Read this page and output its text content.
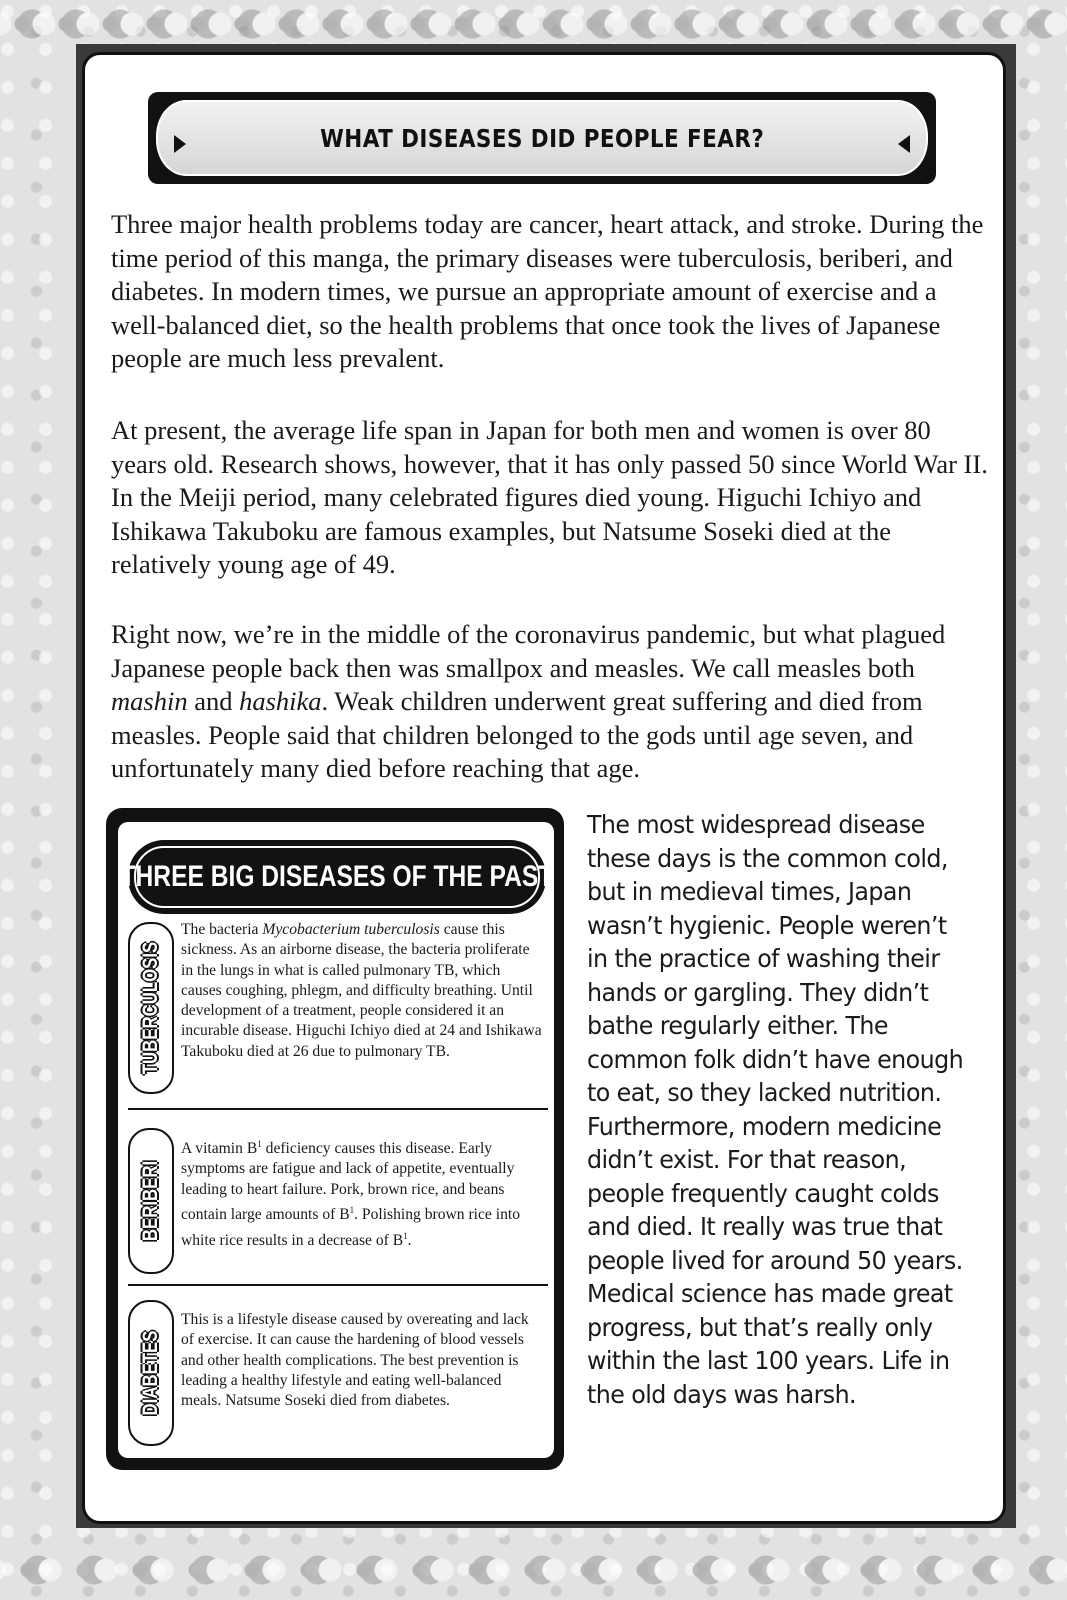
WHAT DISEASES DID PEOPLE FEAR?

Three major health problems today are cancer, heart attack, and stroke. During the time period of this manga, the primary diseases were tuberculosis, beriberi, and diabetes. In modern times, we pursue an appropriate amount of exercise and a well-balanced diet, so the health problems that once took the lives of Japanese people are much less prevalent.

At present, the average life span in Japan for both men and women is over 80 years old. Research shows, however, that it has only passed 50 since World War II. In the Meiji period, many celebrated figures died young. Higuchi Ichiyo and Ishikawa Takuboku are famous examples, but Natsume Soseki died at the relatively young age of 49.

Right now, we’re in the middle of the coronavirus pandemic, but what plagued Japanese people back then was smallpox and measles. We call measles both mashin and hashika. Weak children underwent great suffering and died from measles. People said that children belonged to the gods until age seven, and unfortunately many died before reaching that age.

THREE BIG DISEASES OF THE PAST
TUBERCULOSIS

The bacteria Mycobacterium tuberculosis cause this sickness. As an airborne disease, the bacteria proliferate in the lungs in what is called pulmonary TB, which causes coughing, phlegm, and difficulty breathing. Until development of a treatment, people considered it an incurable disease. Higuchi Ichiyo died at 24 and Ishikawa Takuboku died at 26 due to pulmonary TB.

BERIBERI

A vitamin $B^1$ deficiency causes this disease. Early symptoms are fatigue and lack of appetite, eventually leading to heart failure. Pork, brown rice, and beans contain large amounts of $B^1$. Polishing brown rice into white rice results in a decrease of $B^1$.

DIABETES

This is a lifestyle disease caused by overeating and lack of exercise. It can cause the hardening of blood vessels and other health complications. The best prevention is leading a healthy lifestyle and eating well-balanced meals. Natsume Soseki died from diabetes.

The most widespread disease these days is the common cold, but in medieval times, Japan wasn’t hygienic. People weren’t in the practice of washing their hands or gargling. They didn’t bathe regularly either. The common folk didn’t have enough to eat, so they lacked nutrition. Furthermore, modern medicine didn’t exist. For that reason, people frequently caught colds and died. It really was true that people lived for around 50 years. Medical science has made great progress, but that’s really only within the last 100 years. Life in the old days was harsh.
